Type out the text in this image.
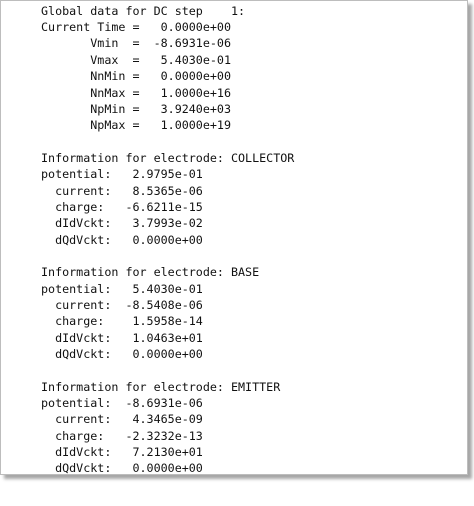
Global data for DC step    1:

Current Time =   0.0000e+00

Vmin  =  -8.6931e-06

Vmax  =   5.4030e-01

NnMin =   0.0000e+00

NnMax =   1.0000e+16

NpMin =   3.9240e+03

NpMax =   1.0000e+19

Information for electrode: COLLECTOR

potential:   2.9795e-01

current:   8.5365e-06

charge:   -6.6211e-15

dIdVckt:   3.7993e-02

dQdVckt:   0.0000e+00

Information for electrode: BASE

potential:   5.4030e-01

current:  -8.5408e-06

charge:    1.5958e-14

dIdVckt:   1.0463e+01

dQdVckt:   0.0000e+00

Information for electrode: EMITTER

potential:  -8.6931e-06

current:   4.3465e-09

charge:   -2.3232e-13

dIdVckt:   7.2130e+01

dQdVckt:   0.0000e+00
